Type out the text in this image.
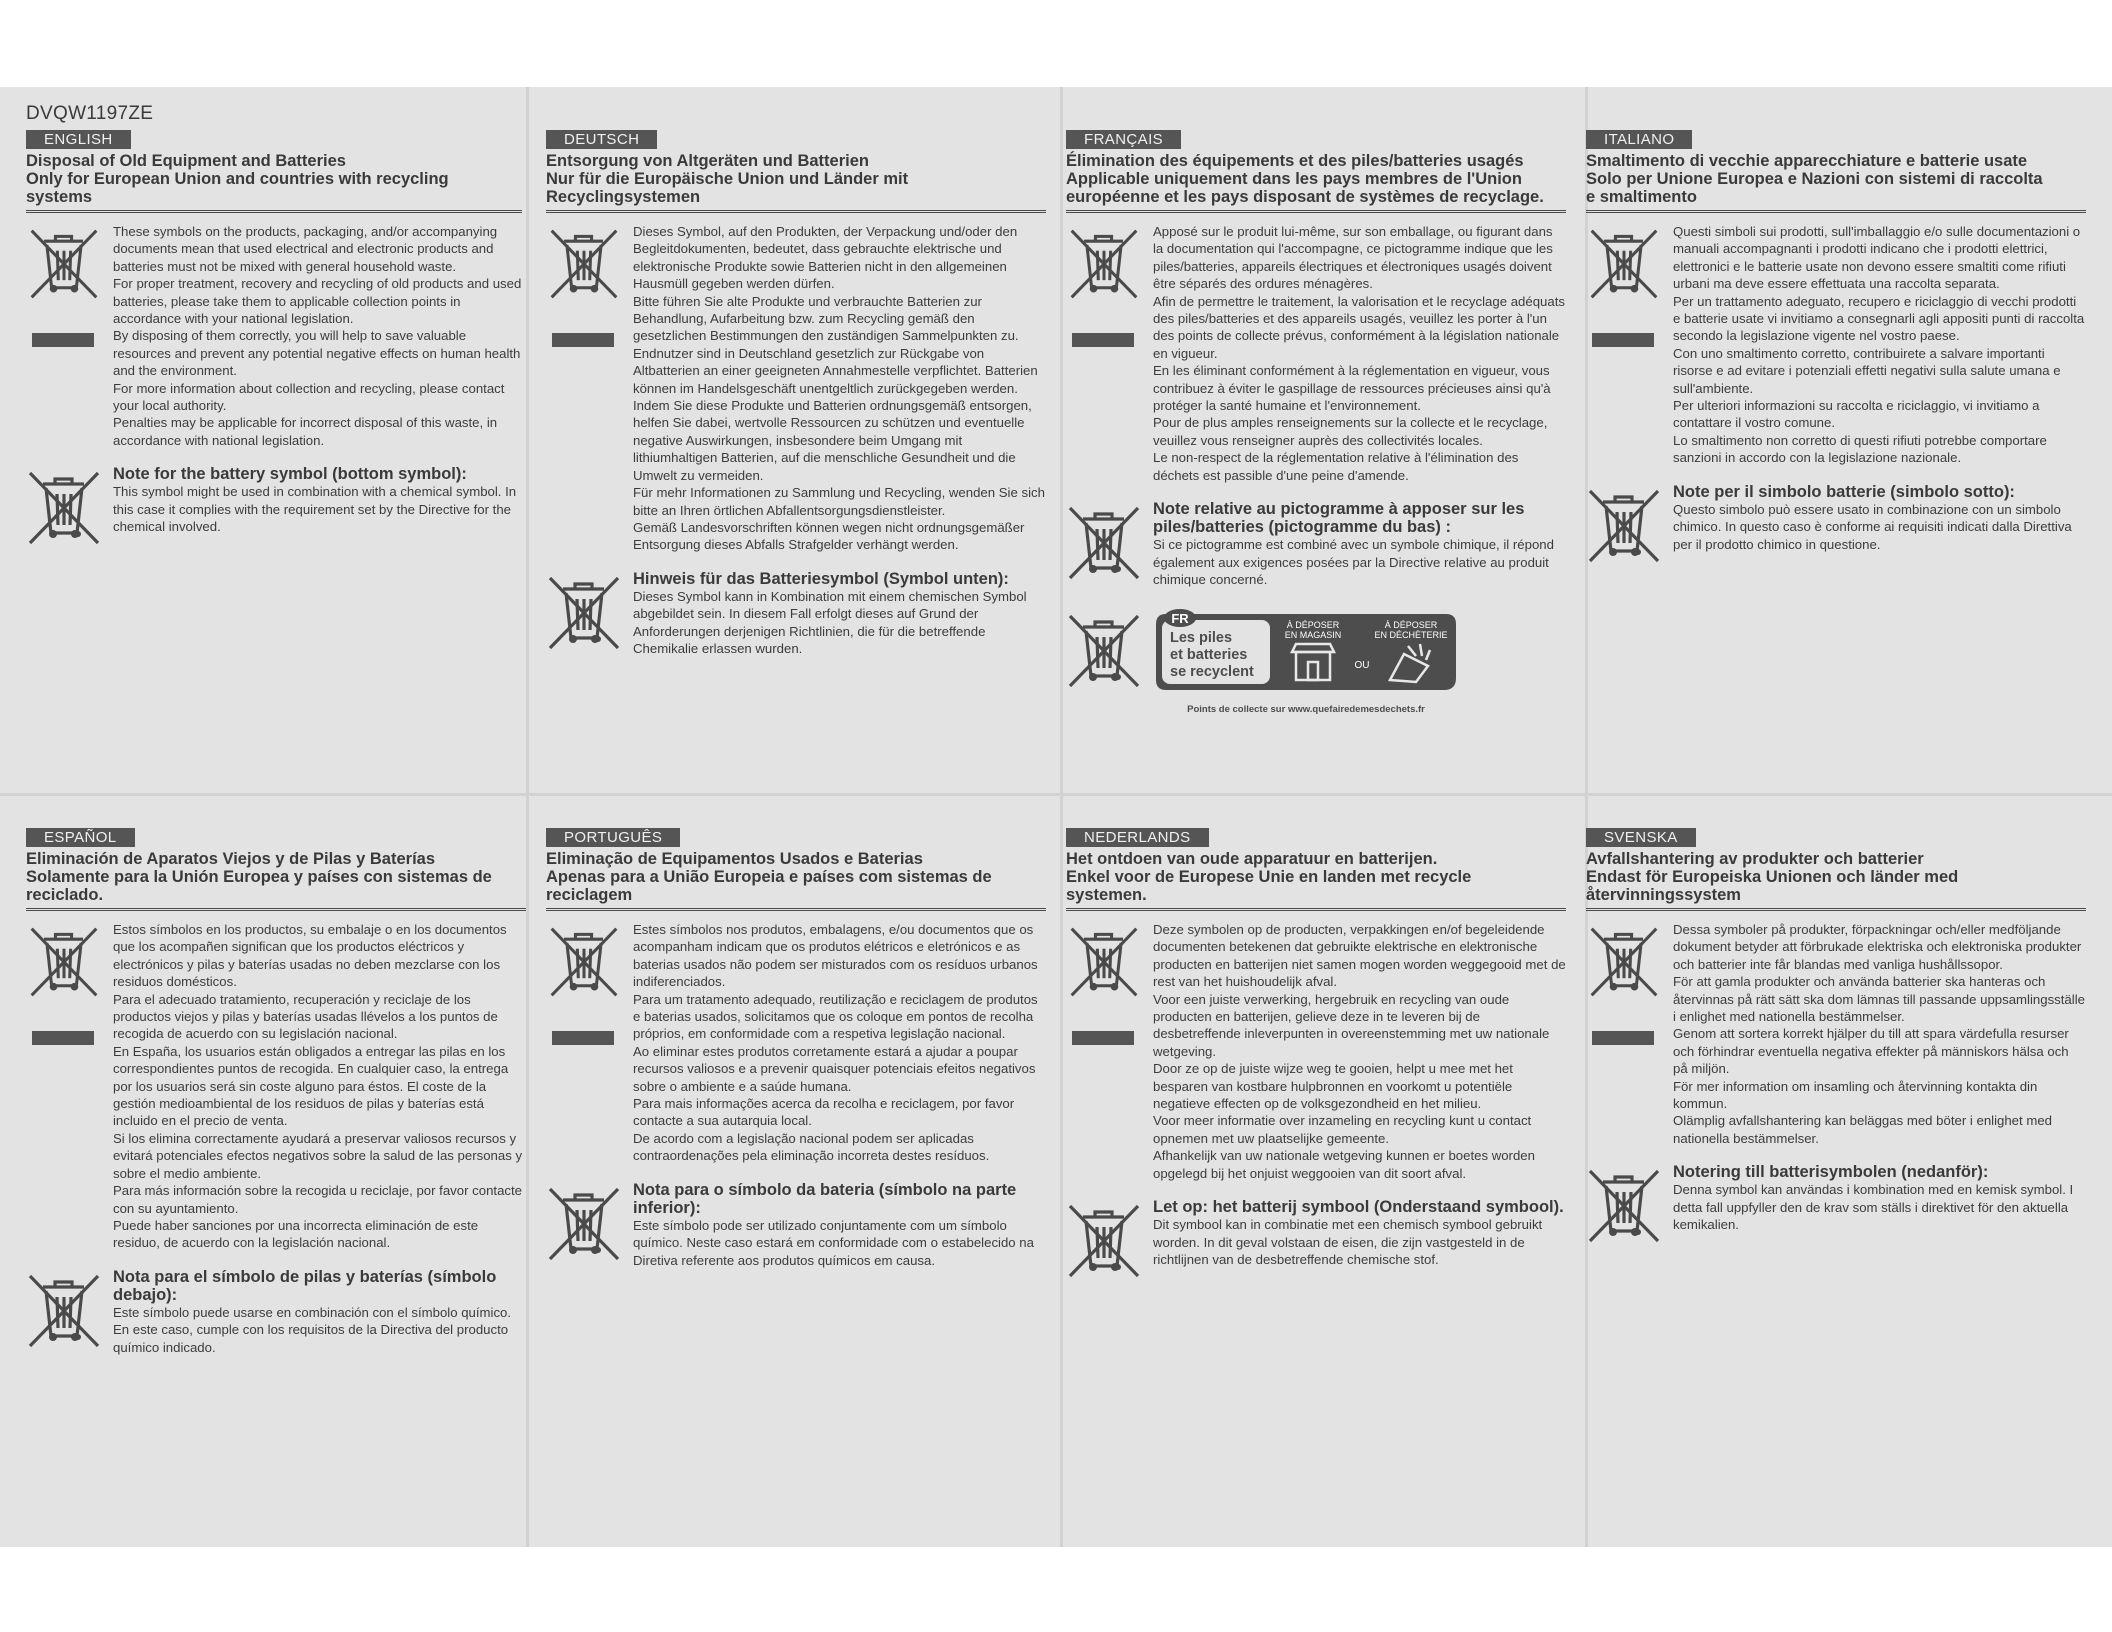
DVQW1197ZE
ENGLISH
Disposal of Old Equipment and Batteries
Only for European Union and countries with recycling
systems

These symbols on the products, packaging, and/or accompanying documents mean that used electrical and electronic products and batteries must not be mixed with general household waste.

For proper treatment, recovery and recycling of old products and used batteries, please take them to applicable collection points in accordance with your national legislation.

By disposing of them correctly, you will help to save valuable resources and prevent any potential negative effects on human health and the environment.

For more information about collection and recycling, please contact your local authority.

Penalties may be applicable for incorrect disposal of this waste, in accordance with national legislation.

Note for the battery symbol (bottom symbol):

This symbol might be used in combination with a chemical symbol. In this case it complies with the requirement set by the Directive for the chemical involved.

DEUTSCH
Entsorgung von Altgeräten und Batterien
Nur für die Europäische Union und Länder mit
Recyclingsystemen

Dieses Symbol, auf den Produkten, der Verpackung und/oder den Begleitdokumenten, bedeutet, dass gebrauchte elektrische und elektronische Produkte sowie Batterien nicht in den allgemeinen Hausmüll gegeben werden dürfen.

Bitte führen Sie alte Produkte und verbrauchte Batterien zur Behandlung, Aufarbeitung bzw. zum Recycling gemäß den gesetzlichen Bestimmungen den zuständigen Sammelpunkten zu. Endnutzer sind in Deutschland gesetzlich zur Rückgabe von Altbatterien an einer geeigneten Annahmestelle verpflichtet. Batterien können im Handelsgeschäft unentgeltlich zurückgegeben werden.

Indem Sie diese Produkte und Batterien ordnungsgemäß entsorgen, helfen Sie dabei, wertvolle Ressourcen zu schützen und eventuelle negative Auswirkungen, insbesondere beim Umgang mit lithiumhaltigen Batterien, auf die menschliche Gesundheit und die Umwelt zu vermeiden.

Für mehr Informationen zu Sammlung und Recycling, wenden Sie sich bitte an Ihren örtlichen Abfallentsorgungsdienstleister.

Gemäß Landesvorschriften können wegen nicht ordnungsgemäßer Entsorgung dieses Abfalls Strafgelder verhängt werden.

Hinweis für das Batteriesymbol (Symbol unten):

Dieses Symbol kann in Kombination mit einem chemischen Symbol abgebildet sein. In diesem Fall erfolgt dieses auf Grund der Anforderungen derjenigen Richtlinien, die für die betreffende Chemikalie erlassen wurden.

FRANÇAIS
Élimination des équipements et des piles/batteries usagés
Applicable uniquement dans les pays membres de l'Union
européenne et les pays disposant de systèmes de recyclage.

Apposé sur le produit lui-même, sur son emballage, ou figurant dans la documentation qui l'accompagne, ce pictogramme indique que les piles/batteries, appareils électriques et électroniques usagés doivent être séparés des ordures ménagères.

Afin de permettre le traitement, la valorisation et le recyclage adéquats des piles/batteries et des appareils usagés, veuillez les porter à l'un des points de collecte prévus, conformément à la législation nationale en vigueur.

En les éliminant conformément à la réglementation en vigueur, vous contribuez à éviter le gaspillage de ressources précieuses ainsi qu'à protéger la santé humaine et l'environnement.

Pour de plus amples renseignements sur la collecte et le recyclage, veuillez vous renseigner auprès des collectivités locales.

Le non-respect de la réglementation relative à l'élimination des déchets est passible d'une peine d'amende.

Note relative au pictogramme à apposer sur les piles/batteries (pictogramme du bas) :

Si ce pictogramme est combiné avec un symbole chimique, il répond également aux exigences posées par la Directive relative au produit chimique concerné.

FR
Les piles
et batteries
se recyclent
À DÉPOSER
EN MAGASIN
OU
À DÉPOSER
EN DÉCHÈTERIE
Points de collecte sur www.quefairedemesdechets.fr
ITALIANO
Smaltimento di vecchie apparecchiature e batterie usate
Solo per Unione Europea e Nazioni con sistemi di raccolta
e smaltimento

Questi simboli sui prodotti, sull'imballaggio e/o sulle documentazioni o manuali accompagnanti i prodotti indicano che i prodotti elettrici, elettronici e le batterie usate non devono essere smaltiti come rifiuti urbani ma deve essere effettuata una raccolta separata.

Per un trattamento adeguato, recupero e riciclaggio di vecchi prodotti e batterie usate vi invitiamo a consegnarli agli appositi punti di raccolta secondo la legislazione vigente nel vostro paese.

Con uno smaltimento corretto, contribuirete a salvare importanti risorse e ad evitare i potenziali effetti negativi sulla salute umana e sull'ambiente.

Per ulteriori informazioni su raccolta e riciclaggio, vi invitiamo a contattare il vostro comune.

Lo smaltimento non corretto di questi rifiuti potrebbe comportare sanzioni in accordo con la legislazione nazionale.

Note per il simbolo batterie (simbolo sotto):

Questo simbolo può essere usato in combinazione con un simbolo chimico. In questo caso è conforme ai requisiti indicati dalla Direttiva per il prodotto chimico in questione.

ESPAÑOL
Eliminación de Aparatos Viejos y de Pilas y Baterías
Solamente para la Unión Europea y países con sistemas de
reciclado.

Estos símbolos en los productos, su embalaje o en los documentos que los acompañen significan que los productos eléctricos y electrónicos y pilas y baterías usadas no deben mezclarse con los residuos domésticos.

Para el adecuado tratamiento, recuperación y reciclaje de los productos viejos y pilas y baterías usadas llévelos a los puntos de recogida de acuerdo con su legislación nacional.

En España, los usuarios están obligados a entregar las pilas en los correspondientes puntos de recogida. En cualquier caso, la entrega por los usuarios será sin coste alguno para éstos. El coste de la gestión medioambiental de los residuos de pilas y baterías está incluido en el precio de venta.

Si los elimina correctamente ayudará a preservar valiosos recursos y evitará potenciales efectos negativos sobre la salud de las personas y sobre el medio ambiente.

Para más información sobre la recogida u reciclaje, por favor contacte con su ayuntamiento.

Puede haber sanciones por una incorrecta eliminación de este residuo, de acuerdo con la legislación nacional.

Nota para el símbolo de pilas y baterías (símbolo debajo):

Este símbolo puede usarse en combinación con el símbolo químico. En este caso, cumple con los requisitos de la Directiva del producto químico indicado.

PORTUGUÊS
Eliminação de Equipamentos Usados e Baterias
Apenas para a União Europeia e países com sistemas de
reciclagem

Estes símbolos nos produtos, embalagens, e/ou documentos que os acompanham indicam que os produtos elétricos e eletrónicos e as baterias usados não podem ser misturados com os resíduos urbanos indiferenciados.

Para um tratamento adequado, reutilização e reciclagem de produtos e baterias usados, solicitamos que os coloque em pontos de recolha próprios, em conformidade com a respetiva legislação nacional.

Ao eliminar estes produtos corretamente estará a ajudar a poupar recursos valiosos e a prevenir quaisquer potenciais efeitos negativos sobre o ambiente e a saúde humana.

Para mais informações acerca da recolha e reciclagem, por favor contacte a sua autarquia local.

De acordo com a legislação nacional podem ser aplicadas contraordenações pela eliminação incorreta destes resíduos.

Nota para o símbolo da bateria (símbolo na parte inferior):

Este símbolo pode ser utilizado conjuntamente com um símbolo químico. Neste caso estará em conformidade com o estabelecido na Diretiva referente aos produtos químicos em causa.

NEDERLANDS
Het ontdoen van oude apparatuur en batterijen.
Enkel voor de Europese Unie en landen met recycle
systemen.

Deze symbolen op de producten, verpakkingen en/of begeleidende documenten betekenen dat gebruikte elektrische en elektronische producten en batterijen niet samen mogen worden weggegooid met de rest van het huishoudelijk afval.

Voor een juiste verwerking, hergebruik en recycling van oude producten en batterijen, gelieve deze in te leveren bij de desbetreffende inleverpunten in overeenstemming met uw nationale wetgeving.

Door ze op de juiste wijze weg te gooien, helpt u mee met het besparen van kostbare hulpbronnen en voorkomt u potentiële negatieve effecten op de volksgezondheid en het milieu.

Voor meer informatie over inzameling en recycling kunt u contact opnemen met uw plaatselijke gemeente.

Afhankelijk van uw nationale wetgeving kunnen er boetes worden opgelegd bij het onjuist weggooien van dit soort afval.

Let op: het batterij symbool (Onderstaand symbool).

Dit symbool kan in combinatie met een chemisch symbool gebruikt worden. In dit geval volstaan de eisen, die zijn vastgesteld in de richtlijnen van de desbetreffende chemische stof.

SVENSKA
Avfallshantering av produkter och batterier
Endast för Europeiska Unionen och länder med
återvinningssystem

Dessa symboler på produkter, förpackningar och/eller medföljande dokument betyder att förbrukade elektriska och elektroniska produkter och batterier inte får blandas med vanliga hushållssopor.

För att gamla produkter och använda batterier ska hanteras och återvinnas på rätt sätt ska dom lämnas till passande uppsamlingsställe i enlighet med nationella bestämmelser.

Genom att sortera korrekt hjälper du till att spara värdefulla resurser och förhindrar eventuella negativa effekter på människors hälsa och på miljön.

För mer information om insamling och återvinning kontakta din kommun.

Olämplig avfallshantering kan beläggas med böter i enlighet med nationella bestämmelser.

Notering till batterisymbolen (nedanför):

Denna symbol kan användas i kombination med en kemisk symbol. I detta fall uppfyller den de krav som ställs i direktivet för den aktuella kemikalien.
